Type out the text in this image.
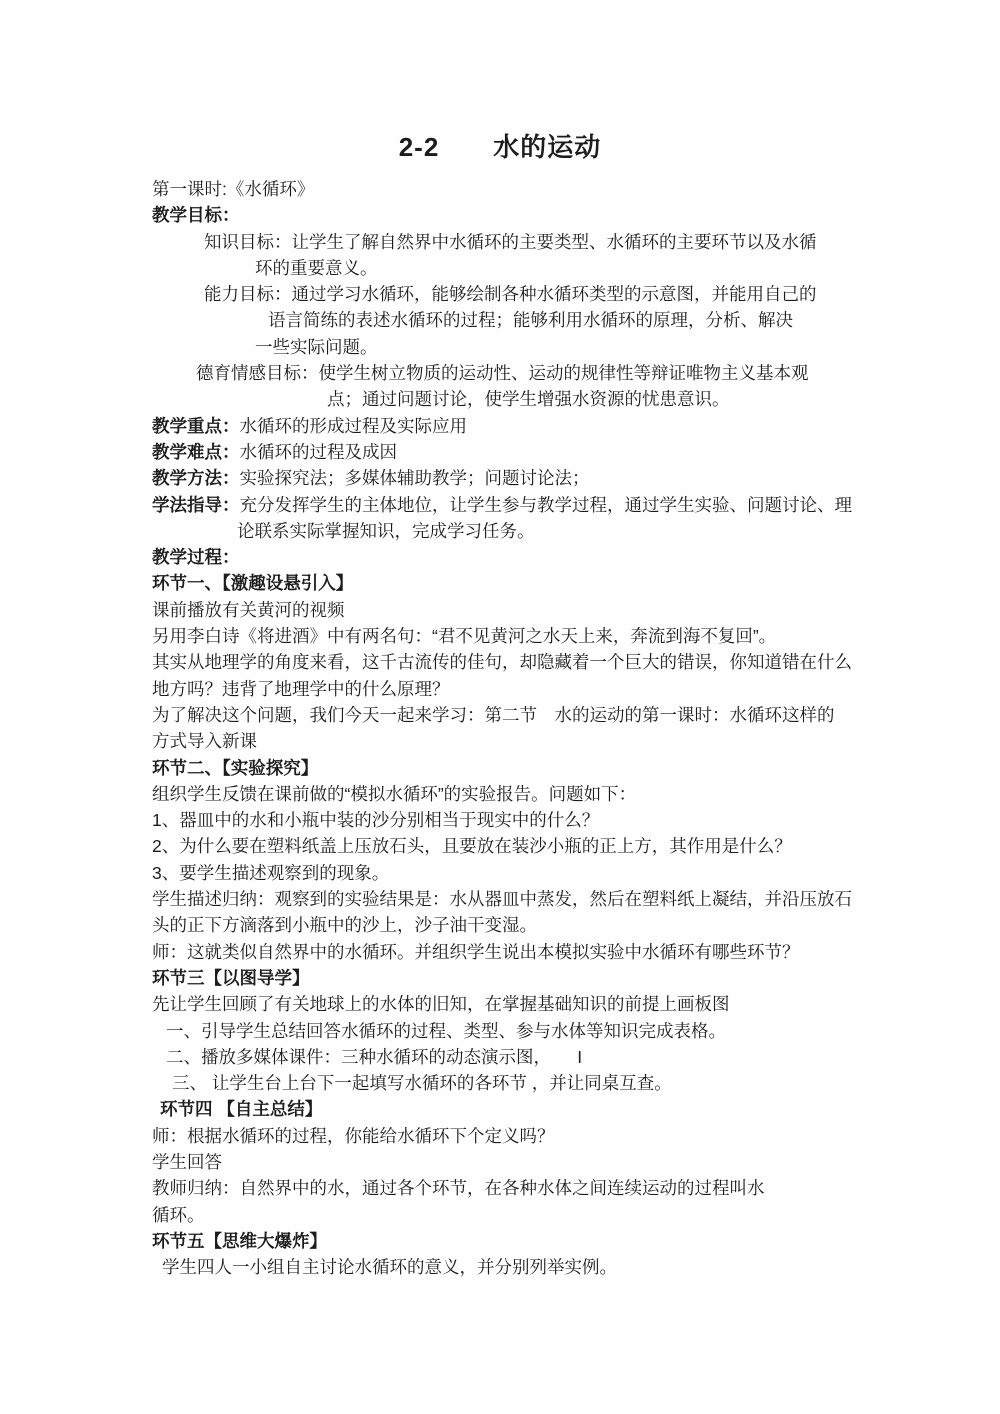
2-2　　水的运动
第一课时:《水循环》
教学目标：
知识目标：让学生了解自然界中水循环的主要类型、水循环的主要环节以及水循
环的重要意义。
能力目标：通过学习水循环，能够绘制各种水循环类型的示意图，并能用自己的
语言简练的表述水循环的过程；能够利用水循环的原理，分析、解决
一些实际问题。
德育情感目标：使学生树立物质的运动性、运动的规律性等辩证唯物主义基本观
点；通过问题讨论，使学生增强水资源的忧患意识。
教学重点：水循环的形成过程及实际应用
教学难点：水循环的过程及成因
教学方法：实验探究法；多媒体辅助教学；问题讨论法；
学法指导：充分发挥学生的主体地位，让学生参与教学过程，通过学生实验、问题讨论、理
论联系实际掌握知识，完成学习任务。
教学过程：
环节一、【激趣设悬引入】
课前播放有关黄河的视频
另用李白诗《将进酒》中有两名句：“君不见黄河之水天上来，奔流到海不复回”。
其实从地理学的角度来看，这千古流传的佳句，却隐藏着一个巨大的错误，你知道错在什么
地方吗？违背了地理学中的什么原理？
为了解决这个问题，我们今天一起来学习：第二节　水的运动的第一课时：水循环这样的
方式导入新课
环节二、【实验探究】
组织学生反馈在课前做的“模拟水循环”的实验报告。问题如下：
1、器皿中的水和小瓶中装的沙分别相当于现实中的什么？
2、为什么要在塑料纸盖上压放石头，且要放在装沙小瓶的正上方，其作用是什么？
3、要学生描述观察到的现象。
学生描述归纳：观察到的实验结果是：水从器皿中蒸发，然后在塑料纸上凝结，并沿压放石
头的正下方滴落到小瓶中的沙上，沙子油干变湿。
师：这就类似自然界中的水循环。并组织学生说出本模拟实验中水循环有哪些环节？
环节三【以图导学】
先让学生回顾了有关地球上的水体的旧知，在掌握基础知识的前提上画板图
一、引导学生总结回答水循环的过程、类型、参与水体等知识完成表格。
二、播放多媒体课件：三种水循环的动态演示图，　　I
三、 让学生台上台下一起填写水循环的各环节 ，并让同桌互查。
环节四 【自主总结】
师：根据水循环的过程，你能给水循环下个定义吗？
学生回答
教师归纳：自然界中的水，通过各个环节，在各种水体之间连续运动的过程叫水
循环。
环节五【思维大爆炸】
学生四人一小组自主讨论水循环的意义，并分别列举实例。
